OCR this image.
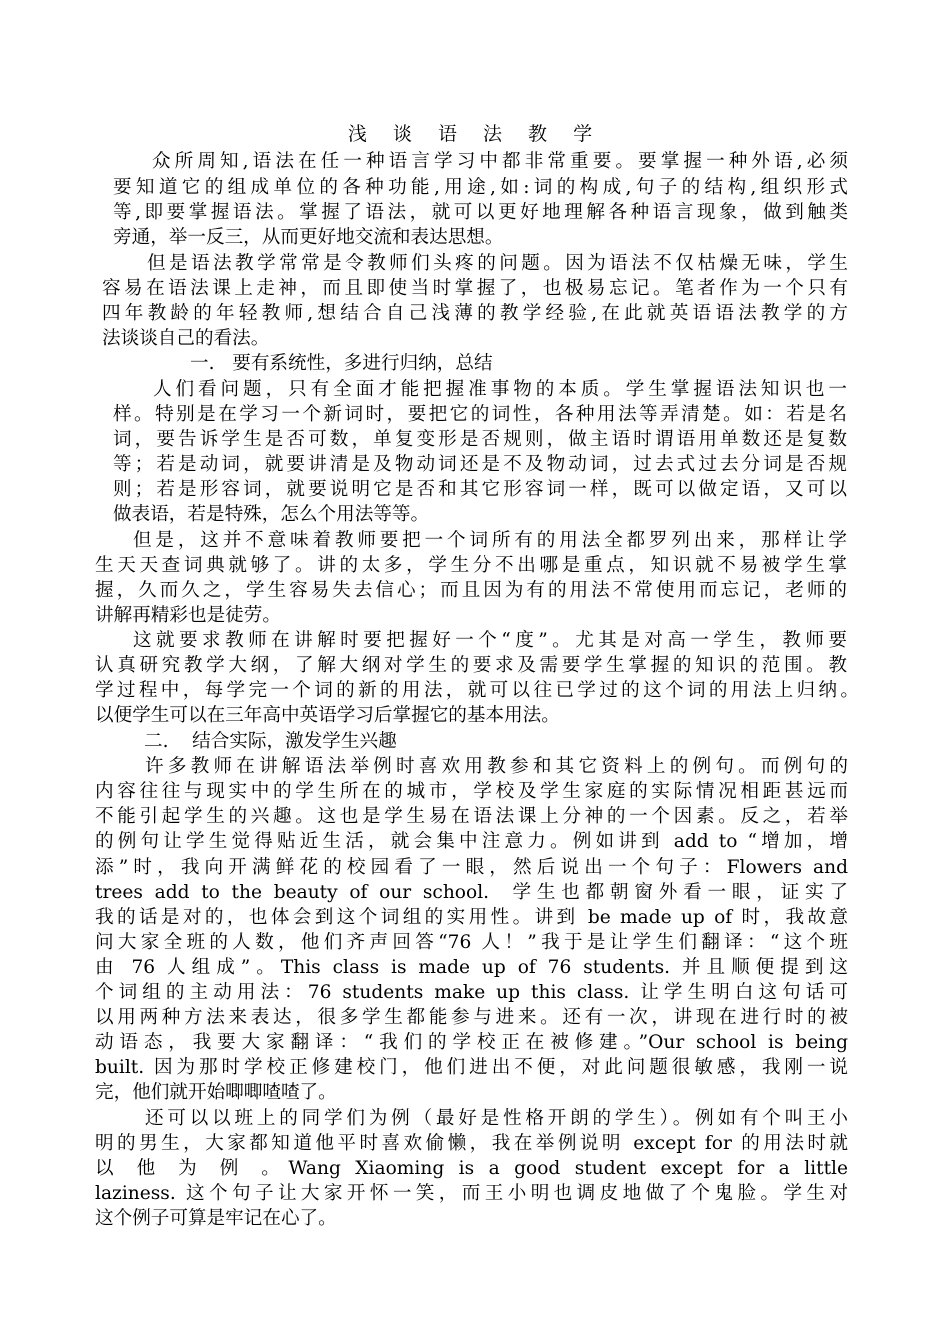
浅 谈 语 法 教 学
众所周知,语法在任一种语言学习中都非常重要。要掌握一种外语,必须
要知道它的组成单位的各种功能,用途,如:词的构成,句子的结构,组织形式
等,即要掌握语法。掌握了语法，就可以更好地理解各种语言现象，做到触类
旁通，举一反三，从而更好地交流和表达思想。
但是语法教学常常是令教师们头疼的问题。因为语法不仅枯燥无味，学生
容易在语法课上走神，而且即使当时掌握了，也极易忘记。笔者作为一个只有
四年教龄的年轻教师,想结合自己浅薄的教学经验,在此就英语语法教学的方
法谈谈自己的看法。
一.   要有系统性，多进行归纳，总结
人们看问题，只有全面才能把握准事物的本质。学生掌握语法知识也一
样。特别是在学习一个新词时，要把它的词性，各种用法等弄清楚。如：若是名
词，要告诉学生是否可数，单复变形是否规则，做主语时谓语用单数还是复数
等；若是动词，就要讲清是及物动词还是不及物动词，过去式过去分词是否规
则；若是形容词，就要说明它是否和其它形容词一样，既可以做定语，又可以
做表语，若是特殊，怎么个用法等等。
但是，这并不意味着教师要把一个词所有的用法全都罗列出来，那样让学
生天天查词典就够了。讲的太多，学生分不出哪是重点，知识就不易被学生掌
握，久而久之，学生容易失去信心；而且因为有的用法不常使用而忘记，老师的
讲解再精彩也是徒劳。
这就要求教师在讲解时要把握好一个“度”。尤其是对高一学生，教师要
认真研究教学大纲，了解大纲对学生的要求及需要学生掌握的知识的范围。教
学过程中，每学完一个词的新的用法，就可以往已学过的这个词的用法上归纳。
以便学生可以在三年高中英语学习后掌握它的基本用法。
二.    结合实际，激发学生兴趣
许多教师在讲解语法举例时喜欢用教参和其它资料上的例句。而例句的
内容往往与现实中的学生所在的城市，学校及学生家庭的实际情况相距甚远而
不能引起学生的兴趣。这也是学生易在语法课上分神的一个因素。反之，若举
的例句让学生觉得贴近生活，就会集中注意力。例如讲到 add to “增加，增
添”时，我向开满鲜花的校园看了一眼，然后说出一个句子：Flowers and
trees add to the beauty of our school.  学生也都朝窗外看一眼，证实了
我的话是对的，也体会到这个词组的实用性。讲到 be made up of 时，我故意
问大家全班的人数，他们齐声回答“76 人！”我于是让学生们翻译：“这个班
由 76 人组成”。This class is made up of 76 students. 并且顺便提到这
个词组的主动用法：76 students make up this class. 让学生明白这句话可
以用两种方法来表达，很多学生都能参与进来。还有一次，讲现在进行时的被
动语态，我要大家翻译：“我们的学校正在被修建。”Our school is being
built. 因为那时学校正修建校门，他们进出不便，对此问题很敏感，我刚一说
完，他们就开始唧唧喳喳了。
还可以以班上的同学们为例（最好是性格开朗的学生）。例如有个叫王小
明的男生，大家都知道他平时喜欢偷懒，我在举例说明 except for 的用法时就
以 他 为 例 。Wang Xiaoming is a good student except for a little
laziness. 这个句子让大家开怀一笑，而王小明也调皮地做了个鬼脸。学生对
这个例子可算是牢记在心了。
